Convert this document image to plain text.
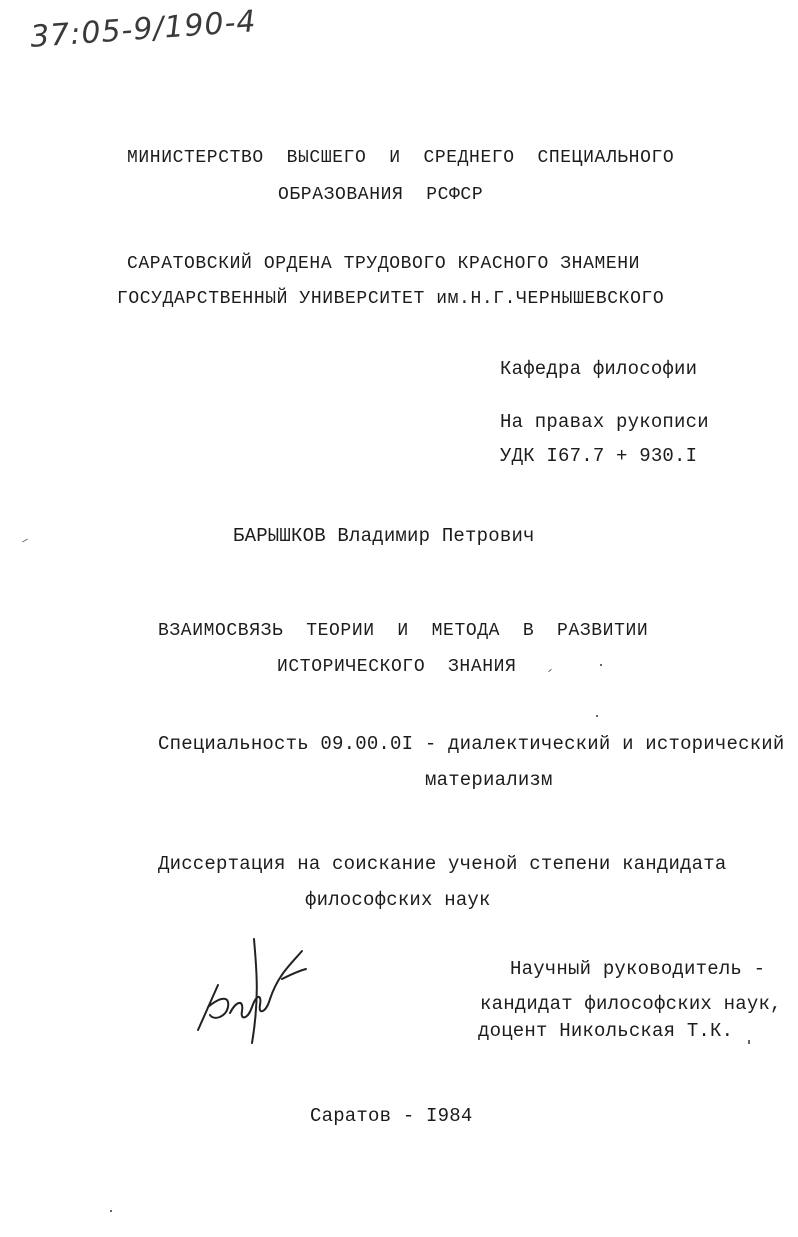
37:05-9/190-4
МИНИСТЕРСТВО  ВЫСШЕГО  И  СРЕДНЕГО  СПЕЦИАЛЬНОГО
ОБРАЗОВАНИЯ  РСФСР
САРАТОВСКИЙ ОРДЕНА ТРУДОВОГО КРАСНОГО ЗНАМЕНИ
ГОСУДАРСТВЕННЫЙ УНИВЕРСИТЕТ им.Н.Г.ЧЕРНЫШЕВСКОГО
Кафедра философии
На правах рукописи
УДК I67.7 + 930.I
БАРЫШКОВ Владимир Петрович
ВЗАИМОСВЯЗЬ  ТЕОРИИ  И  МЕТОДА  В  РАЗВИТИИ
ИСТОРИЧЕСКОГО  ЗНАНИЯ
Специальность 09.00.0I - диалектический и исторический
материализм
Диссертация на соискание ученой степени кандидата
философских наук
Научный руководитель -
кандидат философских наук,
доцент Никольская Т.К.
Саратов - I984
